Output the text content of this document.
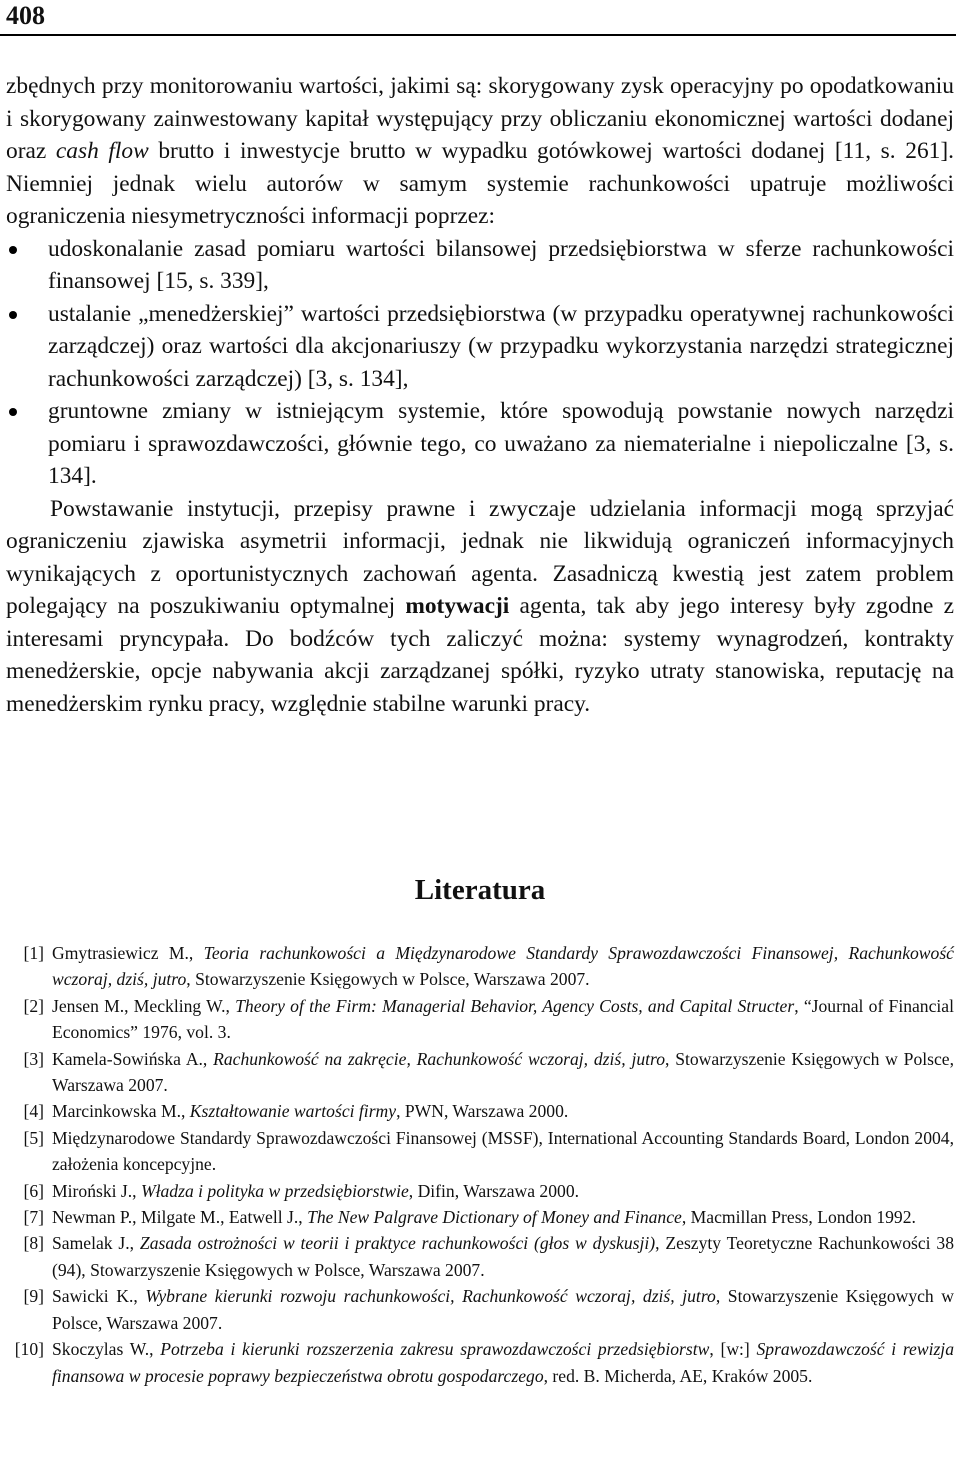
408

zbędnych przy monitorowaniu wartości, jakimi są: skorygowany zysk operacyjny po opodatkowaniu i skorygowany zainwestowany kapitał występujący przy obliczaniu ekonomicznej wartości dodanej oraz cash flow brutto i inwestycje brutto w wypadku gotówkowej wartości dodanej [11, s. 261]. Niemniej jednak wielu autorów w samym systemie rachunkowości upatruje możliwości ograniczenia niesymetryczności informacji poprzez:

udoskonalanie zasad pomiaru wartości bilansowej przedsiębiorstwa w sferze rachunkowości finansowej [15, s. 339],
ustalanie „menedżerskiej” wartości przedsiębiorstwa (w przypadku operatywnej rachunkowości zarządczej) oraz wartości dla akcjonariuszy (w przypadku wykorzystania narzędzi strategicznej rachunkowości zarządczej) [3, s. 134],
gruntowne zmiany w istniejącym systemie, które spowodują powstanie nowych narzędzi pomiaru i sprawozdawczości, głównie tego, co uważano za niematerialne i niepoliczalne [3, s. 134].

Powstawanie instytucji, przepisy prawne i zwyczaje udzielania informacji mogą sprzyjać ograniczeniu zjawiska asymetrii informacji, jednak nie likwidują ograniczeń informacyjnych wynikających z oportunistycznych zachowań agenta. Zasadniczą kwestią jest zatem problem polegający na poszukiwaniu optymalnej motywacji agenta, tak aby jego interesy były zgodne z interesami pryncypała. Do bodźców tych zaliczyć można: systemy wynagrodzeń, kontrakty menedżerskie, opcje nabywania akcji zarządzanej spółki, ryzyko utraty stanowiska, reputację na menedżerskim rynku pracy, względnie stabilne warunki pracy.

Literatura
[1] Gmytrasiewicz M., Teoria rachunkowości a Międzynarodowe Standardy Sprawozdawczości Finansowej, Rachunkowość wczoraj, dziś, jutro, Stowarzyszenie Księgowych w Polsce, Warszawa 2007.
[2] Jensen M., Meckling W., Theory of the Firm: Managerial Behavior, Agency Costs, and Capital Structer, “Journal of Financial Economics” 1976, vol. 3.
[3] Kamela-Sowińska A., Rachunkowość na zakręcie, Rachunkowość wczoraj, dziś, jutro, Stowarzyszenie Księgowych w Polsce, Warszawa 2007.
[4] Marcinkowska M., Kształtowanie wartości firmy, PWN, Warszawa 2000.
[5] Międzynarodowe Standardy Sprawozdawczości Finansowej (MSSF), International Accounting Standards Board, London 2004, założenia koncepcyjne.
[6] Miroński J., Władza i polityka w przedsiębiorstwie, Difin, Warszawa 2000.
[7] Newman P., Milgate M., Eatwell J., The New Palgrave Dictionary of Money and Finance, Macmillan Press, London 1992.
[8] Samelak J., Zasada ostrożności w teorii i praktyce rachunkowości (głos w dyskusji), Zeszyty Teoretyczne Rachunkowości 38 (94), Stowarzyszenie Księgowych w Polsce, Warszawa 2007.
[9] Sawicki K., Wybrane kierunki rozwoju rachunkowości, Rachunkowość wczoraj, dziś, jutro, Stowarzyszenie Księgowych w Polsce, Warszawa 2007.
[10] Skoczylas W., Potrzeba i kierunki rozszerzenia zakresu sprawozdawczości przedsiębiorstw, [w:] Sprawozdawczość i rewizja finansowa w procesie poprawy bezpieczeństwa obrotu gospodarczego, red. B. Micherda, AE, Kraków 2005.
